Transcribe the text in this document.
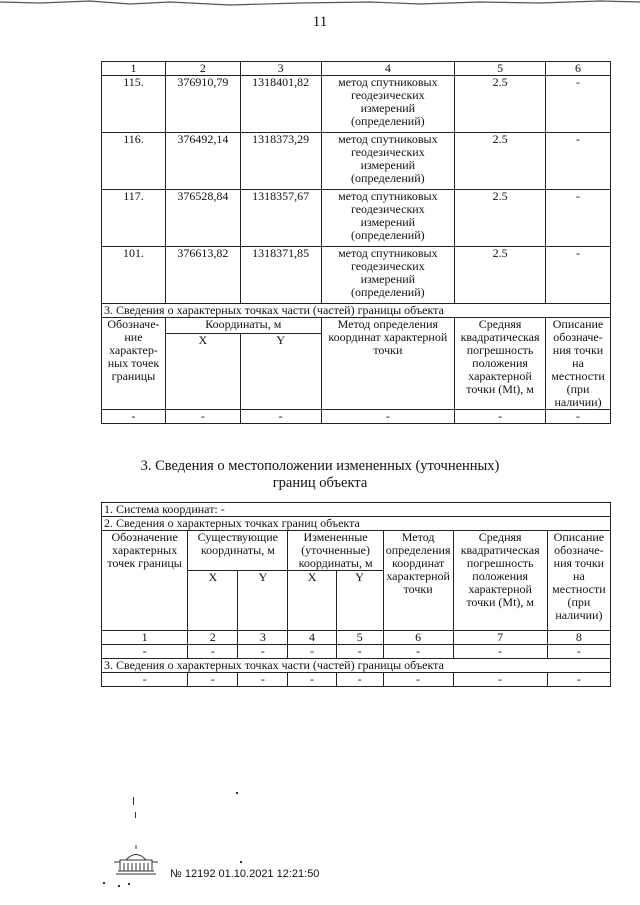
11
1	2	3	4	5	6
115.	376910,79	1318401,82	метод спутниковых геодезических измерений (определений)	2.5	-
116.	376492,14	1318373,29	метод спутниковых геодезических измерений (определений)	2.5	-
117.	376528,84	1318357,67	метод спутниковых геодезических измерений (определений)	2.5	-
101.	376613,82	1318371,85	метод спутниковых геодезических измерений (определений)	2.5	-
3. Сведения о характерных точках части (частей) границы объекта					
Обозначе-ние характер-ных точек границы	Координаты, м		Метод определения координат характерной точки	Средняя квадратическая погрешность положения характерной точки (Mt), м	Описание обозначе-ния точки на местности (при наличии)
	X	Y			
-	-	-	-	-	-
3. Сведения о местоположении измененных (уточненных)
границ объекта
1. Система координат: -							
2. Сведения о характерных точках границ объекта							
Обозначение характерных точек границы	Существующие координаты, м		Измененные (уточненные) координаты, м		Метод определения координат характерной точки	Средняя квадратическая погрешность положения характерной точки (Mt), м	Описание обозначе-ния точки на местности (при наличии)
	X	Y	X	Y			
1	2	3	4	5	6	7	8
-	-	-	-	-	-	-	-
3. Сведения о характерных точках части (частей) границы объекта							
-	-	-	-	-	-	-	-
№ 12192 01.10.2021 12:21:50
